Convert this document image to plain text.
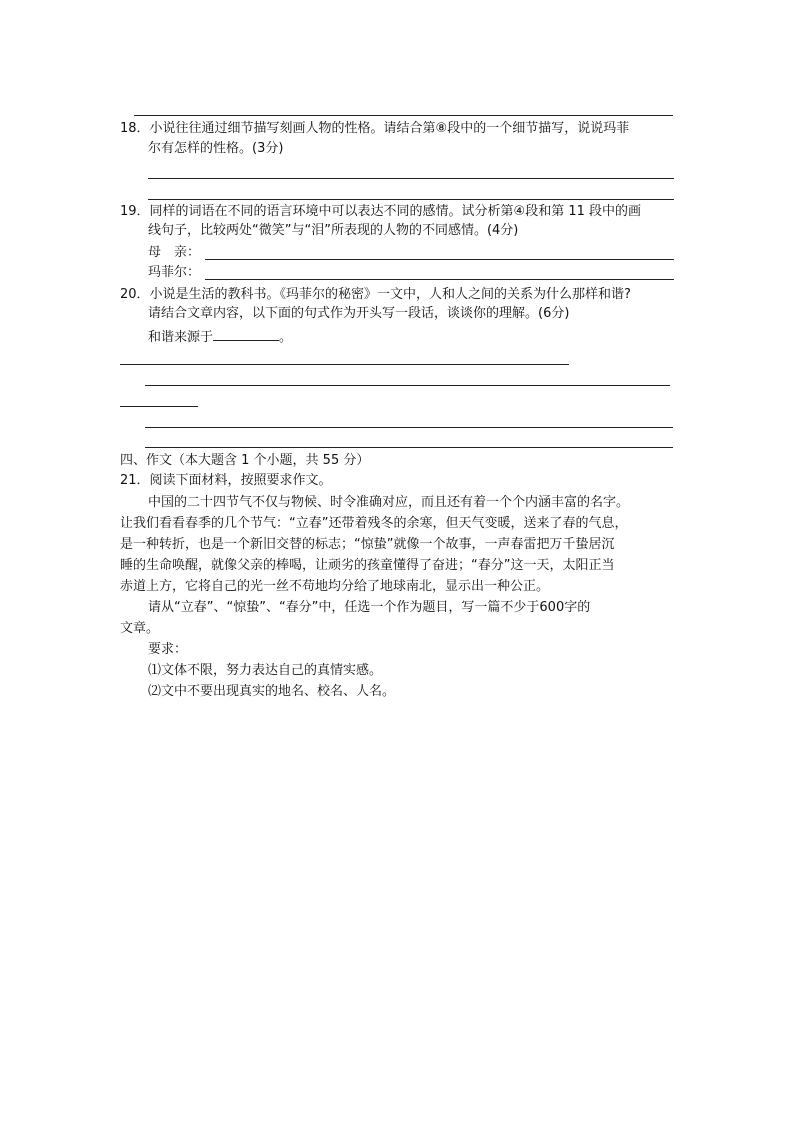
18．小说往往通过细节描写刻画人物的性格。请结合第⑧段中的一个细节描写，说说玛菲
尔有怎样的性格。(3分)
19．同样的词语在不同的语言环境中可以表达不同的感情。试分析第④段和第 11 段中的画
线句子，比较两处“微笑”与“泪”所表现的人物的不同感情。(4分)
母　亲：
玛菲尔：
20．小说是生活的教科书。《玛菲尔的秘密》一文中，人和人之间的关系为什么那样和谐?
请结合文章内容，以下面的句式作为开头写一段话，谈谈你的理解。(6分)
和谐来源于	。
四、作文（本大题含 1 个小题，共 55 分）
21．阅读下面材料，按照要求作文。
中国的二十四节气不仅与物候、时令准确对应，而且还有着一个个内涵丰富的名字。
让我们看看春季的几个节气：“立春”还带着残冬的余寒，但天气变暖，送来了春的气息，
是一种转折，也是一个新旧交替的标志；“惊蛰”就像一个故事，一声春雷把万千蛰居沉
睡的生命唤醒，就像父亲的棒喝，让顽劣的孩童懂得了奋进；“春分”这一天，太阳正当
赤道上方，它将自己的光一丝不苟地均分给了地球南北，显示出一种公正。
请从“立春”、“惊蛰”、“春分”中，任选一个作为题目，写一篇不少于600字的
文章。
要求：
⑴文体不限，努力表达自己的真情实感。
⑵文中不要出现真实的地名、校名、人名。
